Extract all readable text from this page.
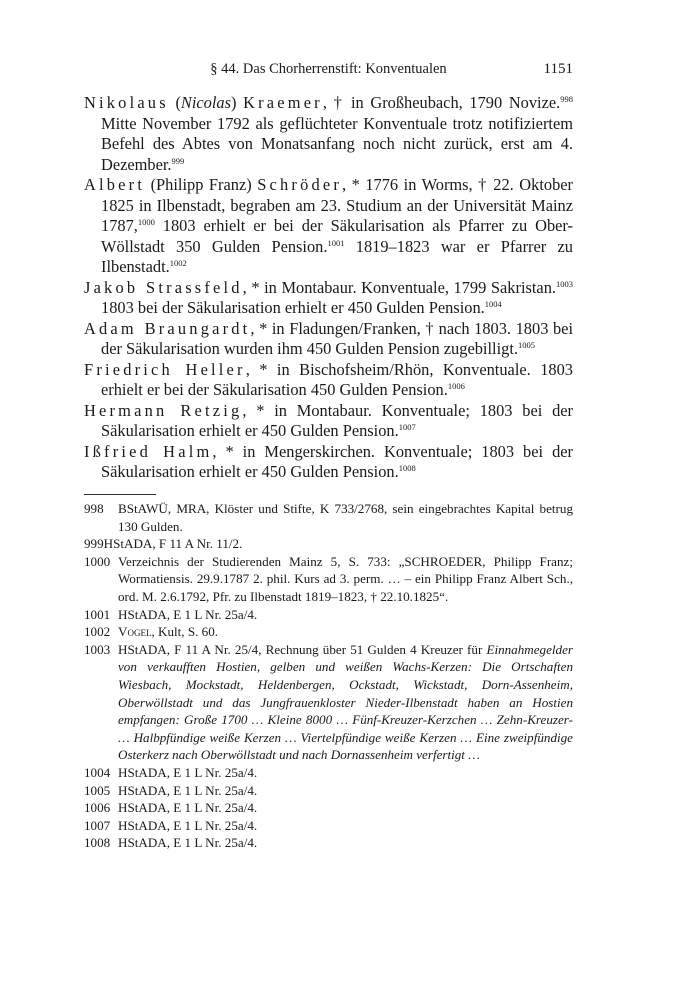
§ 44. Das Chorherrenstift: Konventualen	1151

Nikolaus (Nicolas) Kraemer, † in Großheubach, 1790 Novize.$^{998}$ Mitte November 1792 als geflüchteter Konventuale trotz notifiziertem Befehl des Abtes von Monatsanfang noch nicht zurück, erst am 4. Dezember.$^{999}$

Albert (Philipp Franz) Schröder, * 1776 in Worms, † 22. Oktober 1825 in Ilbenstadt, begraben am 23. Studium an der Universität Mainz 1787,$^{1000}$ 1803 erhielt er bei der Säkularisation als Pfarrer zu Ober-Wöllstadt 350 Gulden Pension.$^{1001}$ 1819–1823 war er Pfarrer zu Ilbenstadt.$^{1002}$

Jakob Strassfeld, * in Montabaur. Konventuale, 1799 Sakristan.$^{1003}$ 1803 bei der Säkularisation erhielt er 450 Gulden Pension.$^{1004}$

Adam Braungardt, * in Fladungen/Franken, † nach 1803. 1803 bei der Säkularisation wurden ihm 450 Gulden Pension zugebilligt.$^{1005}$

Friedrich Heller, * in Bischofsheim/Rhön, Konventuale. 1803 erhielt er bei der Säkularisation 450 Gulden Pension.$^{1006}$

Hermann Retzig, * in Montabaur. Konventuale; 1803 bei der Säkularisation erhielt er 450 Gulden Pension.$^{1007}$

Ißfried Halm, * in Mengerskirchen. Konventuale; 1803 bei der Säkularisation erhielt er 450 Gulden Pension.$^{1008}$

998 BStAWÜ, MRA, Klöster und Stifte, K 733/2768, sein eingebrachtes Kapital betrug 130 Gulden.

999HStADA, F 11 A Nr. 11/2.

1000 Verzeichnis der Studierenden Mainz 5, S. 733: „SCHROEDER, Philipp Franz; Wormatiensis. 29.9.1787 2. phil. Kurs ad 3. perm. … – ein Philipp Franz Albert Sch., ord. M. 2.6.1792, Pfr. zu Ilbenstadt 1819–1823, † 22.10.1825“.

1001 HStADA, E 1 L Nr. 25a/4.

1002 Vogel, Kult, S. 60.

1003 HStADA, F 11 A Nr. 25/4, Rechnung über 51 Gulden 4 Kreuzer für Einnahmegelder von verkaufften Hostien, gelben und weißen Wachs-Kerzen: Die Ortschaften Wiesbach, Mockstadt, Heldenbergen, Ockstadt, Wickstadt, Dorn-Assenheim, Oberwöllstadt und das Jungfrauenkloster Nieder-Ilbenstadt haben an Hostien empfangen: Große 1700 … Kleine 8000 … Fünf-Kreuzer-Kerzchen … Zehn-Kreuzer- … Halbpfündige weiße Kerzen … Viertelpfündige weiße Kerzen … Eine zweipfündige Osterkerz nach Oberwöllstadt und nach Dornassenheim verfertigt …

1004 HStADA, E 1 L Nr. 25a/4.

1005 HStADA, E 1 L Nr. 25a/4.

1006 HStADA, E 1 L Nr. 25a/4.

1007 HStADA, E 1 L Nr. 25a/4.

1008 HStADA, E 1 L Nr. 25a/4.
